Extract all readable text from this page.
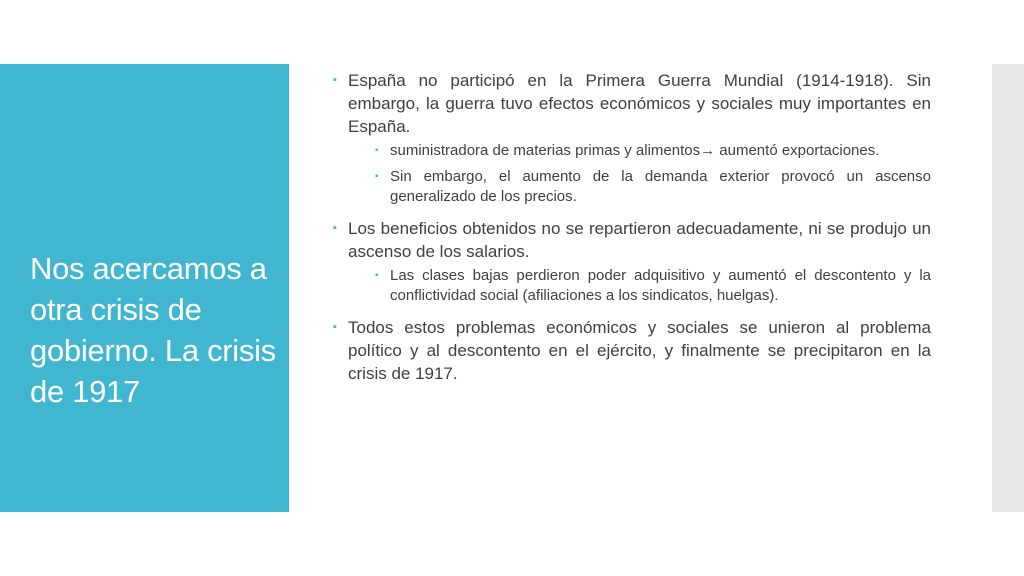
Nos acercamos a otra crisis de gobierno. La crisis de 1917
▪ España no participó en la Primera Guerra Mundial (1914-1918). Sin embargo, la guerra tuvo efectos económicos y sociales muy importantes en España.
▪ suministradora de materias primas y alimentos→ aumentó exportaciones.
▪ Sin embargo, el aumento de la demanda exterior provocó un ascenso generalizado de los precios.
▪ Los beneficios obtenidos no se repartieron adecuadamente, ni se produjo un ascenso de los salarios.
▪ Las clases bajas perdieron poder adquisitivo y aumentó el descontento y la conflictividad social (afiliaciones a los sindicatos, huelgas).
▪ Todos estos problemas económicos y sociales se unieron al problema político y al descontento en el ejército, y finalmente se precipitaron en la crisis de 1917.
